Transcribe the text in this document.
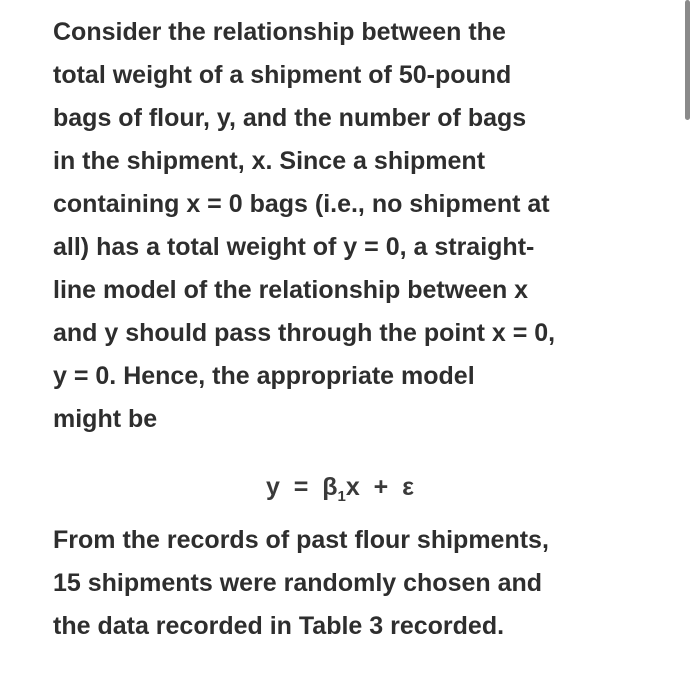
Consider the relationship between the
total weight of a shipment of 50-pound
bags of flour, y, and the number of bags
in the shipment, x. Since a shipment
containing x = 0 bags (i.e., no shipment at
all) has a total weight of y = 0, a straight-
line model of the relationship between x
and y should pass through the point x = 0,
y = 0. Hence, the appropriate model
might be
$y = \beta_1x + \varepsilon$
From the records of past flour shipments,
15 shipments were randomly chosen and
the data recorded in Table 3 recorded.
